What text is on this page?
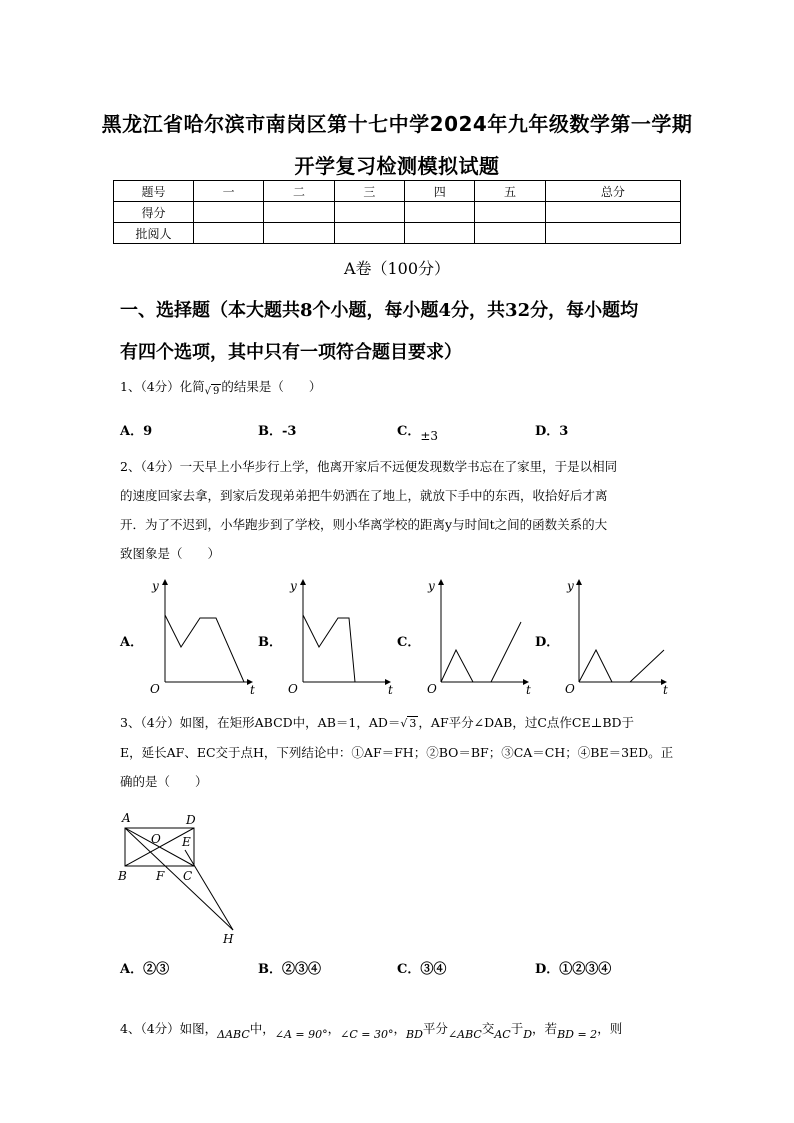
黑龙江省哈尔滨市南岗区第十七中学2024年九年级数学第一学期
开学复习检测模拟试题
题号	一	二	三	四	五	总分
得分						
批阅人						
A卷（100分）
一、选择题（本大题共8个小题，每小题4分，共32分，每小题均
有四个选项，其中只有一项符合题目要求）
1、（4分）化简$_√$ 9 的结果是（　　）
A．9	B．-3	C．±3	D．3
2、（4分）一天早上小华步行上学，他离开家后不远便发现数学书忘在了家里，于是以相同
的速度回家去拿，到家后发现弟弟把牛奶洒在了地上，就放下手中的东西，收拾好后才离
开．为了不迟到，小华跑步到了学校，则小华离学校的距离y与时间t之间的函数关系的大
致图象是（　　）
A．	B．	C．	D．
y
t
O
y
t
O
y
t
O
y
t
O
3、（4分）如图，在矩形ABCD中，AB＝1，AD＝√ 3 ，AF平分∠DAB，过C点作CE⊥BD于
E，延长AF、EC交于点H，下列结论中：①AF＝FH；②BO＝BF；③CA＝CH；④BE＝3ED。正
确的是（　　）
A	D
O E
B F C
H
A．②③	B．②③④	C．③④	D．①②③④
4、（4分）如图，ΔABC中，∠A = 90°，∠C = 30°，BD平分∠ABC交AC于D，若BD = 2，则
